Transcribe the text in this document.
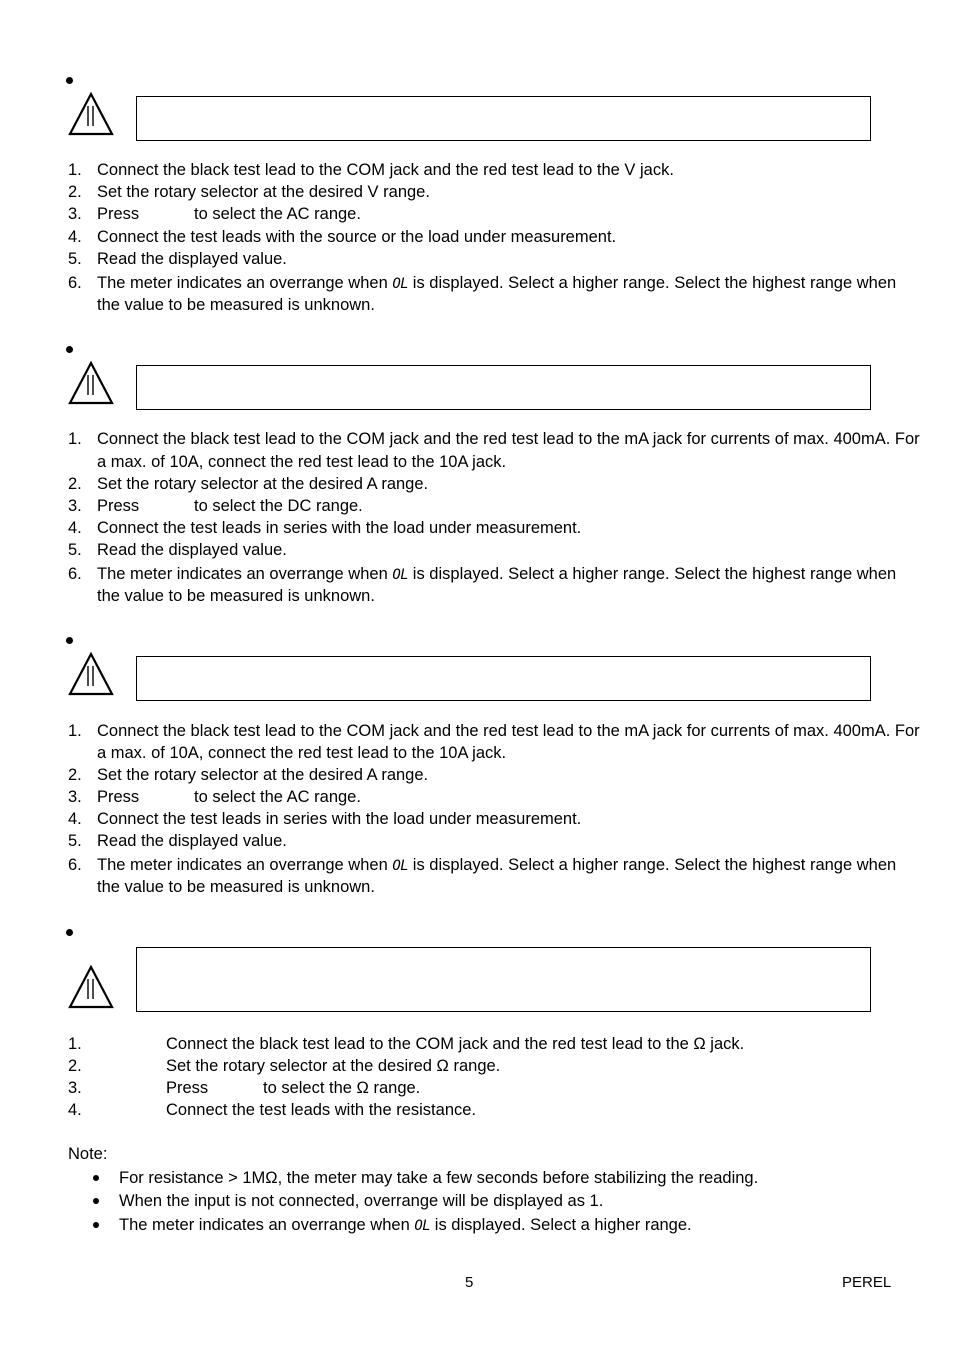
1. Connect the black test lead to the COM jack and the red test lead to the V jack.
2. Set the rotary selector at the desired V range.
3. Press	to select the AC range.
4. Connect the test leads with the source or the load under measurement.
5. Read the displayed value.
6. The meter indicates an overrange when OL is displayed. Select a higher range. Select the highest range when
the value to be measured is unknown.
1. Connect the black test lead to the COM jack and the red test lead to the mA jack for currents of max. 400mA. For
a max. of 10A, connect the red test lead to the 10A jack.
2. Set the rotary selector at the desired A range.
3. Press	to select the DC range.
4. Connect the test leads in series with the load under measurement.
5. Read the displayed value.
6. The meter indicates an overrange when OL is displayed. Select a higher range. Select the highest range when
the value to be measured is unknown.
1. Connect the black test lead to the COM jack and the red test lead to the mA jack for currents of max. 400mA. For
a max. of 10A, connect the red test lead to the 10A jack.
2. Set the rotary selector at the desired A range.
3. Press	to select the AC range.
4. Connect the test leads in series with the load under measurement.
5. Read the displayed value.
6. The meter indicates an overrange when OL is displayed. Select a higher range. Select the highest range when
the value to be measured is unknown.
1.	Connect the black test lead to the COM jack and the red test lead to the Ω jack.
2.	Set the rotary selector at the desired Ω range.
3.	Press	to select the Ω range.
4.	Connect the test leads with the resistance.
Note:
For resistance > 1MΩ, the meter may take a few seconds before stabilizing the reading.
When the input is not connected, overrange will be displayed as 1.
The meter indicates an overrange when OL is displayed. Select a higher range.
5	PEREL
